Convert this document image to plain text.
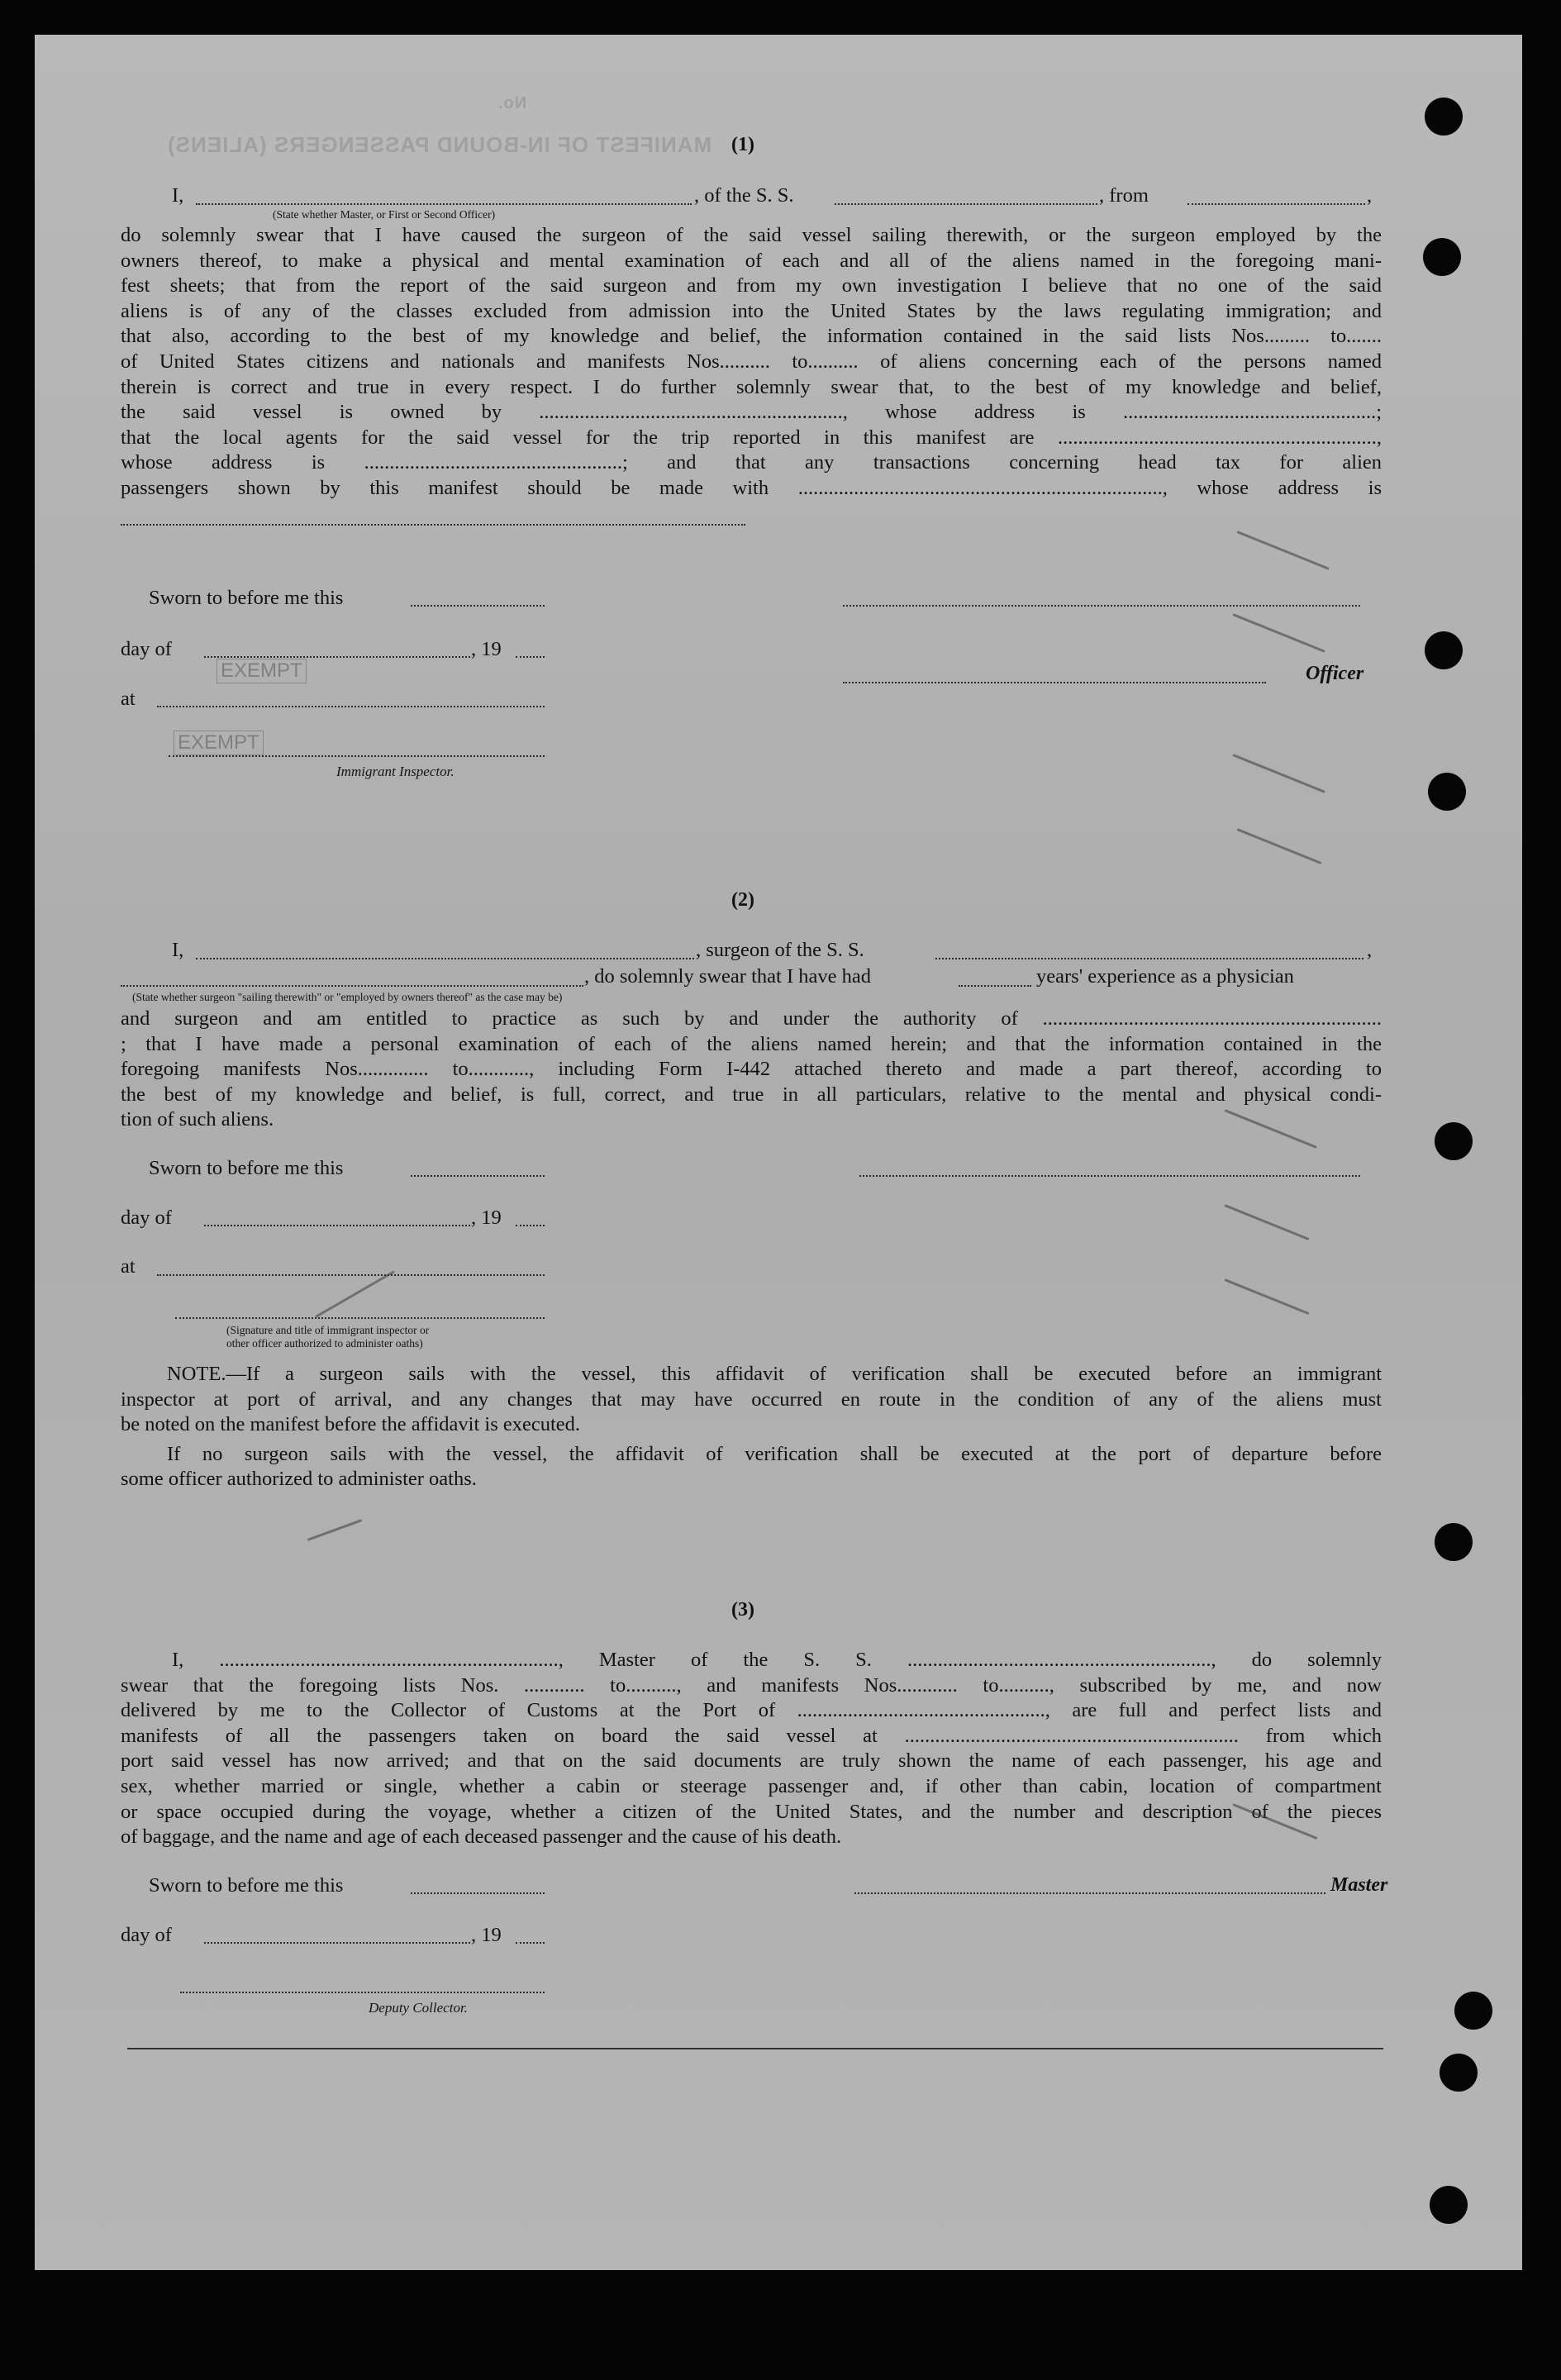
MANIFEST OF IN-BOUND PASSENGERS (ALIENS)
No.
(1)
I,	, of the S. S.	, from	,
(State whether Master, or First or Second Officer)
do solemnly swear that I have caused the surgeon of the said vessel sailing therewith, or the surgeon employed by the
owners thereof, to make a physical and mental examination of each and all of the aliens named in the foregoing mani-
fest sheets; that from the report of the said surgeon and from my own investigation I believe that no one of the said
aliens is of any of the classes excluded from admission into the United States by the laws regulating immigration; and
that also, according to the best of my knowledge and belief, the information contained in the said lists Nos......... to.......
of United States citizens and nationals and manifests Nos.......... to.......... of aliens concerning each of the persons named
therein is correct and true in every respect. I do further solemnly swear that, to the best of my knowledge and belief,
the said vessel is owned by ............................................................, whose address is ..................................................;
that the local agents for the said vessel for the trip reported in this manifest are ...............................................................,
whose address is ...................................................; and that any transactions concerning head tax for alien
passengers shown by this manifest should be made with ........................................................................, whose address is
Sworn to before me this
day of	, 19
Officer
at
EXEMPT
EXEMPT
Immigrant Inspector.
(2)
I,	, surgeon of the S. S.	,
, do solemnly swear that I have had	years' experience as a physician
(State whether surgeon "sailing therewith" or "employed by owners thereof" as the case may be)
and surgeon and am entitled to practice as such by and under the authority of ...................................................................
; that I have made a personal examination of each of the aliens named herein; and that the information contained in the
foregoing manifests Nos.............. to............, including Form I-442 attached thereto and made a part thereof, according to
the best of my knowledge and belief, is full, correct, and true in all particulars, relative to the mental and physical condi-
tion of such aliens.
Sworn to before me this
day of	, 19
at
(Signature and title of immigrant inspector or
other officer authorized to administer oaths)
NOTE.—If a surgeon sails with the vessel, this affidavit of verification shall be executed before an immigrant
inspector at port of arrival, and any changes that may have occurred en route in the condition of any of the aliens must
be noted on the manifest before the affidavit is executed.
If no surgeon sails with the vessel, the affidavit of verification shall be executed at the port of departure before
some officer authorized to administer oaths.
(3)
I, ..................................................................., Master of the S. S. ............................................................, do solemnly
swear that the foregoing lists Nos. ............ to.........., and manifests Nos............ to.........., subscribed by me, and now
delivered by me to the Collector of Customs at the Port of ................................................., are full and perfect lists and
manifests of all the passengers taken on board the said vessel at .................................................................. from which
port said vessel has now arrived; and that on the said documents are truly shown the name of each passenger, his age and
sex, whether married or single, whether a cabin or steerage passenger and, if other than cabin, location of compartment
or space occupied during the voyage, whether a citizen of the United States, and the number and description of the pieces
of baggage, and the name and age of each deceased passenger and the cause of his death.
Sworn to before me this	Master
day of	, 19
Deputy Collector.
